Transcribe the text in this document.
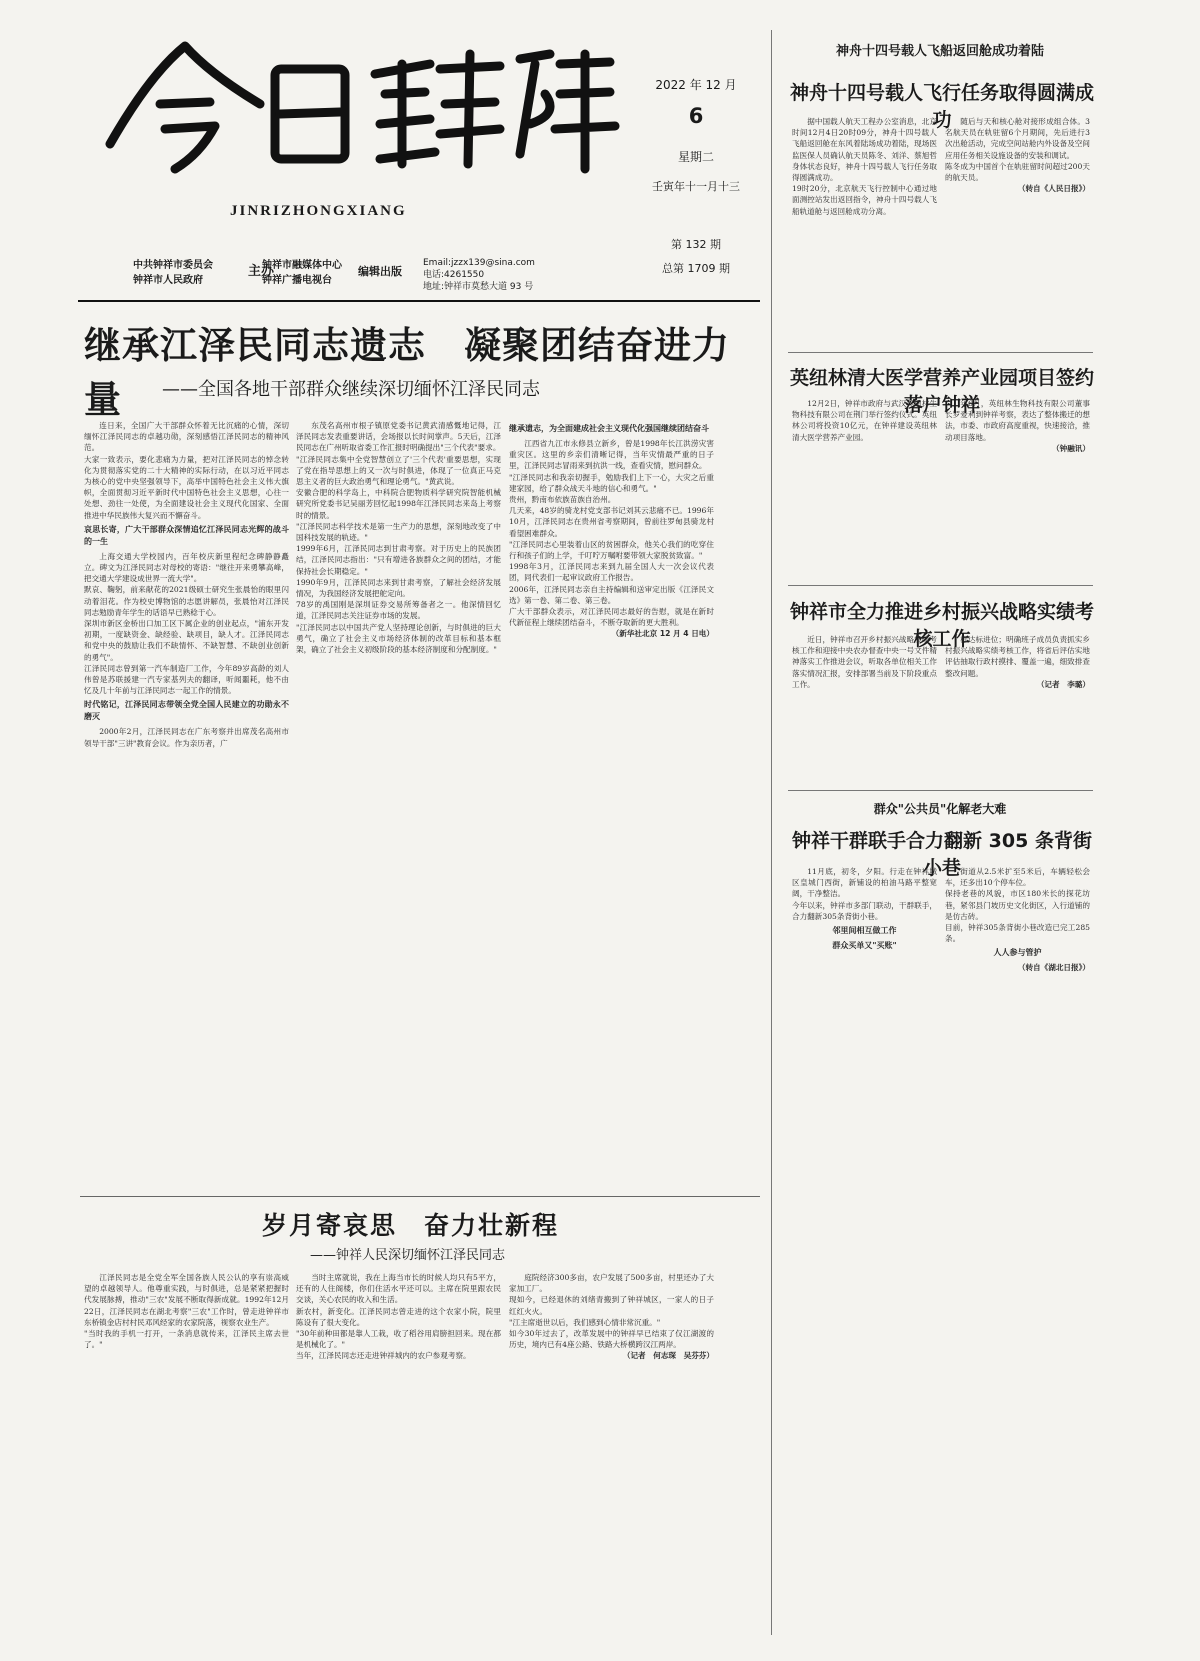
JINRIZHONGXIANG
中共钟祥市委员会
钟祥市人民政府
主办
钟祥市融媒体中心
钟祥广播电视台
编辑出版
Email:jzzx139@sina.com
电话:4261550
地址:钟祥市莫愁大道 93 号
2022 年 12 月
6
星期二
壬寅年十一月十三
第 132 期
总第 1709 期
继承江泽民同志遗志　凝聚团结奋进力量	——全国各地干部群众继续深切缅怀江泽民同志

连日来，全国广大干部群众怀着无比沉痛的心情，深切缅怀江泽民同志的卓越功勋，深刻感悟江泽民同志的精神风范。
大家一致表示，要化悲痛为力量，把对江泽民同志的悼念转化为贯彻落实党的二十大精神的实际行动，在以习近平同志为核心的党中央坚强领导下，高举中国特色社会主义伟大旗帜，全面贯彻习近平新时代中国特色社会主义思想，心往一处想、劲往一处使，为全面建设社会主义现代化国家、全面推进中华民族伟大复兴而不懈奋斗。

哀思长寄，广大干部群众深情追忆江泽民同志光辉的战斗的一生

上海交通大学校园内，百年校庆新里程纪念碑静静矗立。碑文为江泽民同志对母校的寄语："继往开来勇攀高峰，把交通大学建设成世界一流大学"。
默哀、鞠躬，前来献花的2021级硕士研究生张晨怡的眼里闪动着泪花。作为校史博物馆的志愿讲解员，张晨怡对江泽民同志勉励青年学生的话语早已熟稔于心。
深圳市新区金桥出口加工区下属企业的创业起点，"浦东开发初期，一度缺资金、缺经验、缺项目，缺人才。江泽民同志和党中央的鼓励让我们不缺情怀、不缺智慧、不缺创业创新的勇气"。
江泽民同志曾到第一汽车制造厂工作，今年89岁高龄的刘人伟曾是苏联援建一汽专家基列夫的翻译，听闻噩耗，他不由忆及几十年前与江泽民同志一起工作的情景。

时代铭记，江泽民同志带领全党全国人民建立的功勋永不磨灭

2000年2月，江泽民同志在广东考察并出席茂名高州市领导干部"三讲"教育会议。作为亲历者，广

东茂名高州市根子镇原党委书记黄武清感慨地记得，江泽民同志发表重要讲话，会场报以长时间掌声。5天后，江泽民同志在广州听取省委工作汇报时明确提出"三个代表"要求。
"江泽民同志集中全党智慧创立了'三个代表'重要思想，实现了党在指导思想上的又一次与时俱进，体现了一位真正马克思主义者的巨大政治勇气和理论勇气。"黄武说。
安徽合肥的科学岛上，中科院合肥物质科学研究院智能机械研究所党委书记吴丽芳回忆起1998年江泽民同志来岛上考察时的情景。
"江泽民同志科学技术是第一生产力的思想，深刻地改变了中国科技发展的轨迹。"
1999年6月，江泽民同志到甘肃考察。对于历史上的民族团结，江泽民同志指出："只有增进各族群众之间的团结，才能保持社会长期稳定。"
1990年9月，江泽民同志来到甘肃考察，了解社会经济发展情况，为我国经济发展把舵定向。
78岁的禹国刚是深圳证券交易所筹备者之一。他深情回忆道，江泽民同志关注证券市场的发展。
"江泽民同志以中国共产党人坚持理论创新，与时俱进的巨大勇气，确立了社会主义市场经济体制的改革目标和基本框架，确立了社会主义初级阶段的基本经济制度和分配制度。"

继承遗志，为全面建成社会主义现代化强国继续团结奋斗

江西省九江市永修县立新乡，曾是1998年长江洪涝灾害重灾区。这里的乡亲们清晰记得，当年灾情最严重的日子里，江泽民同志冒雨来到抗洪一线，查看灾情，慰问群众。
"江泽民同志和我亲切握手，勉励我们上下一心，大灾之后重建家园，给了群众战天斗地的信心和勇气。"
贵州，黔南布依族苗族自治州。
几天来，48岁的骑龙村党支部书记刘其云悲痛不已。1996年10月，江泽民同志在贵州省考察期间，曾前往罗甸县骑龙村看望困难群众。
"江泽民同志心里装着山区的贫困群众，他关心我们的吃穿住行和孩子们的上学，千叮咛万嘱咐要带领大家脱贫致富。"
1998年3月，江泽民同志来到九届全国人大一次会议代表团，同代表们一起审议政府工作报告。
2006年，江泽民同志亲自主持编辑和送审定出版《江泽民文选》第一卷、第二卷、第三卷。
广大干部群众表示，对江泽民同志最好的告慰，就是在新时代新征程上继续团结奋斗，不断夺取新的更大胜利。

（新华社北京 12 月 4 日电）
岁月寄哀思　奋力壮新程
——钟祥人民深切缅怀江泽民同志

江泽民同志是全党全军全国各族人民公认的享有崇高威望的卓越领导人。他尊重实践，与时俱进，总是紧紧把握时代发展脉搏，推动"三农"发展不断取得新成就。1992年12月22日，江泽民同志在湖北考察"三农"工作时，曾走进钟祥市东桥镇金店村村民邓风经家的农家院落，视察农业生产。
"当时我的手机一打开，一条消息就传来，江泽民主席去世了。"

当时主席就说，我在上海当市长的时候人均只有5平方，还有的人住阁楼，你们住活水平还可以。主席在院里跟农民交谈，关心农民的收入和生活。
新农村，新变化。江泽民同志曾走进的这个农家小院，院里陈设有了很大变化。
"30年前种田都是靠人工栽，收了稻谷用肩膀担回来。现在都是机械化了。"
当年，江泽民同志还走进钟祥城内的农户参观考察。

庭院经济300多亩，农户发展了500多亩，村里还办了大家加工厂。
现如今，已经退休的刘绪青搬到了钟祥城区，一家人的日子红红火火。
"江主席逝世以后，我们感到心情非常沉重。"
如今30年过去了，改革发展中的钟祥早已结束了仅江湖渡的历史，境内已有4座公路、铁路大桥横跨汉江两岸。

（记者　何志琛　吴芬芬）
神舟十四号载人飞船返回舱成功着陆
神舟十四号载人飞行任务取得圆满成功

据中国载人航天工程办公室消息，北京时间12月4日20时09分，神舟十四号载人飞船返回舱在东风着陆场成功着陆，现场医监医保人员确认航天员陈冬、刘洋、蔡旭哲身体状态良好，神舟十四号载人飞行任务取得圆满成功。
19时20分，北京航天飞行控制中心通过地面测控站发出返回指令，神舟十四号载人飞船轨道舱与返回舱成功分离。

随后与天和核心舱对接形成组合体。3名航天员在轨驻留6个月期间，先后进行3次出舱活动，完成空间站舱内外设备及空间应用任务相关设施设备的安装和调试。
陈冬成为中国首个在轨驻留时间超过200天的航天员。

（转自《人民日报》）
英纽林清大医学营养产业园项目签约落户钟祥

12月2日，钟祥市政府与武汉英纽林生物科技有限公司在荆门举行签约仪式。英纽林公司将投资10亿元，在钟祥建设英纽林清大医学营养产业园。

年6月，英纽林生物科技有限公司董事长罗爱利到钟祥考察，表达了整体搬迁的想法，市委、市政府高度重视，快速接洽，推动项目落地。

（钟融讯）
钟祥市全力推进乡村振兴战略实绩考核工作

近日，钟祥市召开乡村振兴战略实绩考核工作和迎接中央农办督查中央一号文件精神落实工作推进会议，听取各单位相关工作落实情况汇报，安排部署当前及下阶段重点工作。

标达标进位；明确班子成员负责抓实乡村振兴战略实绩考核工作，将省后评估实地评估抽取行政村摸排、覆盖一遍，细致排查整改问题。

（记者　李璐）
群众"公共员"化解老大难
钟祥干群联手合力翻新 305 条背街小巷

11月底，初冬，夕阳。行走在钟祥城区皇城门西街，新铺设的柏油马路平整宽阔，干净整洁。
今年以来，钟祥市多部门联动，干群联手，合力翻新305条背街小巷。

邻里间相互做工作
群众买单又"买账"

街道从2.5米扩至5米后，车辆轻松会车，还多出10个停车位。
保持老巷的风貌，市区180米长的探花坊巷，紧邻县门坡历史文化街区，入行道铺的是仿古砖。
目前，钟祥305条背街小巷改造已完工285条。

人人参与管护
（转自《湖北日报》）
